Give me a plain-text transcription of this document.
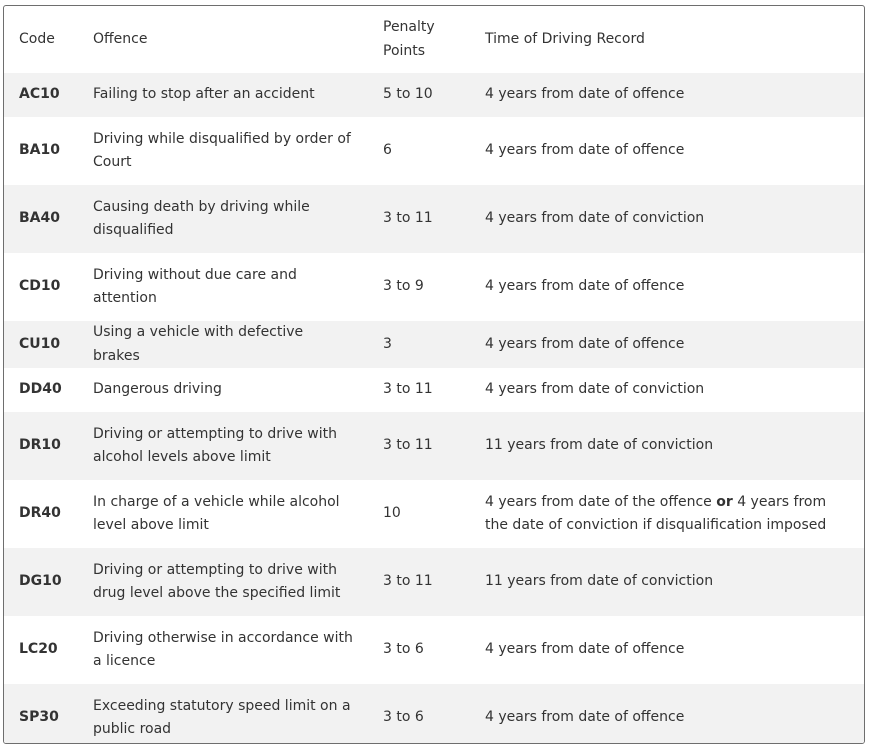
Code	Offence	Penalty Points	Time of Driving Record
AC10	Failing to stop after an accident	5 to 10	4 years from date of offence
BA10	Driving while disqualified by order of Court	6	4 years from date of offence
BA40	Causing death by driving while disqualified	3 to 11	4 years from date of conviction
CD10	Driving without due care and attention	3 to 9	4 years from date of offence
CU10	Using a vehicle with defective brakes	3	4 years from date of offence
DD40	Dangerous driving	3 to 11	4 years from date of conviction
DR10	Driving or attempting to drive with alcohol levels above limit	3 to 11	11 years from date of conviction
DR40	In charge of a vehicle while alcohol level above limit	10	4 years from date of the offence or 4 years from the date of conviction if disqualification imposed
DG10	Driving or attempting to drive with drug level above the specified limit	3 to 11	11 years from date of conviction
LC20	Driving otherwise in accordance with a licence	3 to 6	4 years from date of offence
SP30	Exceeding statutory speed limit on a public road	3 to 6	4 years from date of offence
